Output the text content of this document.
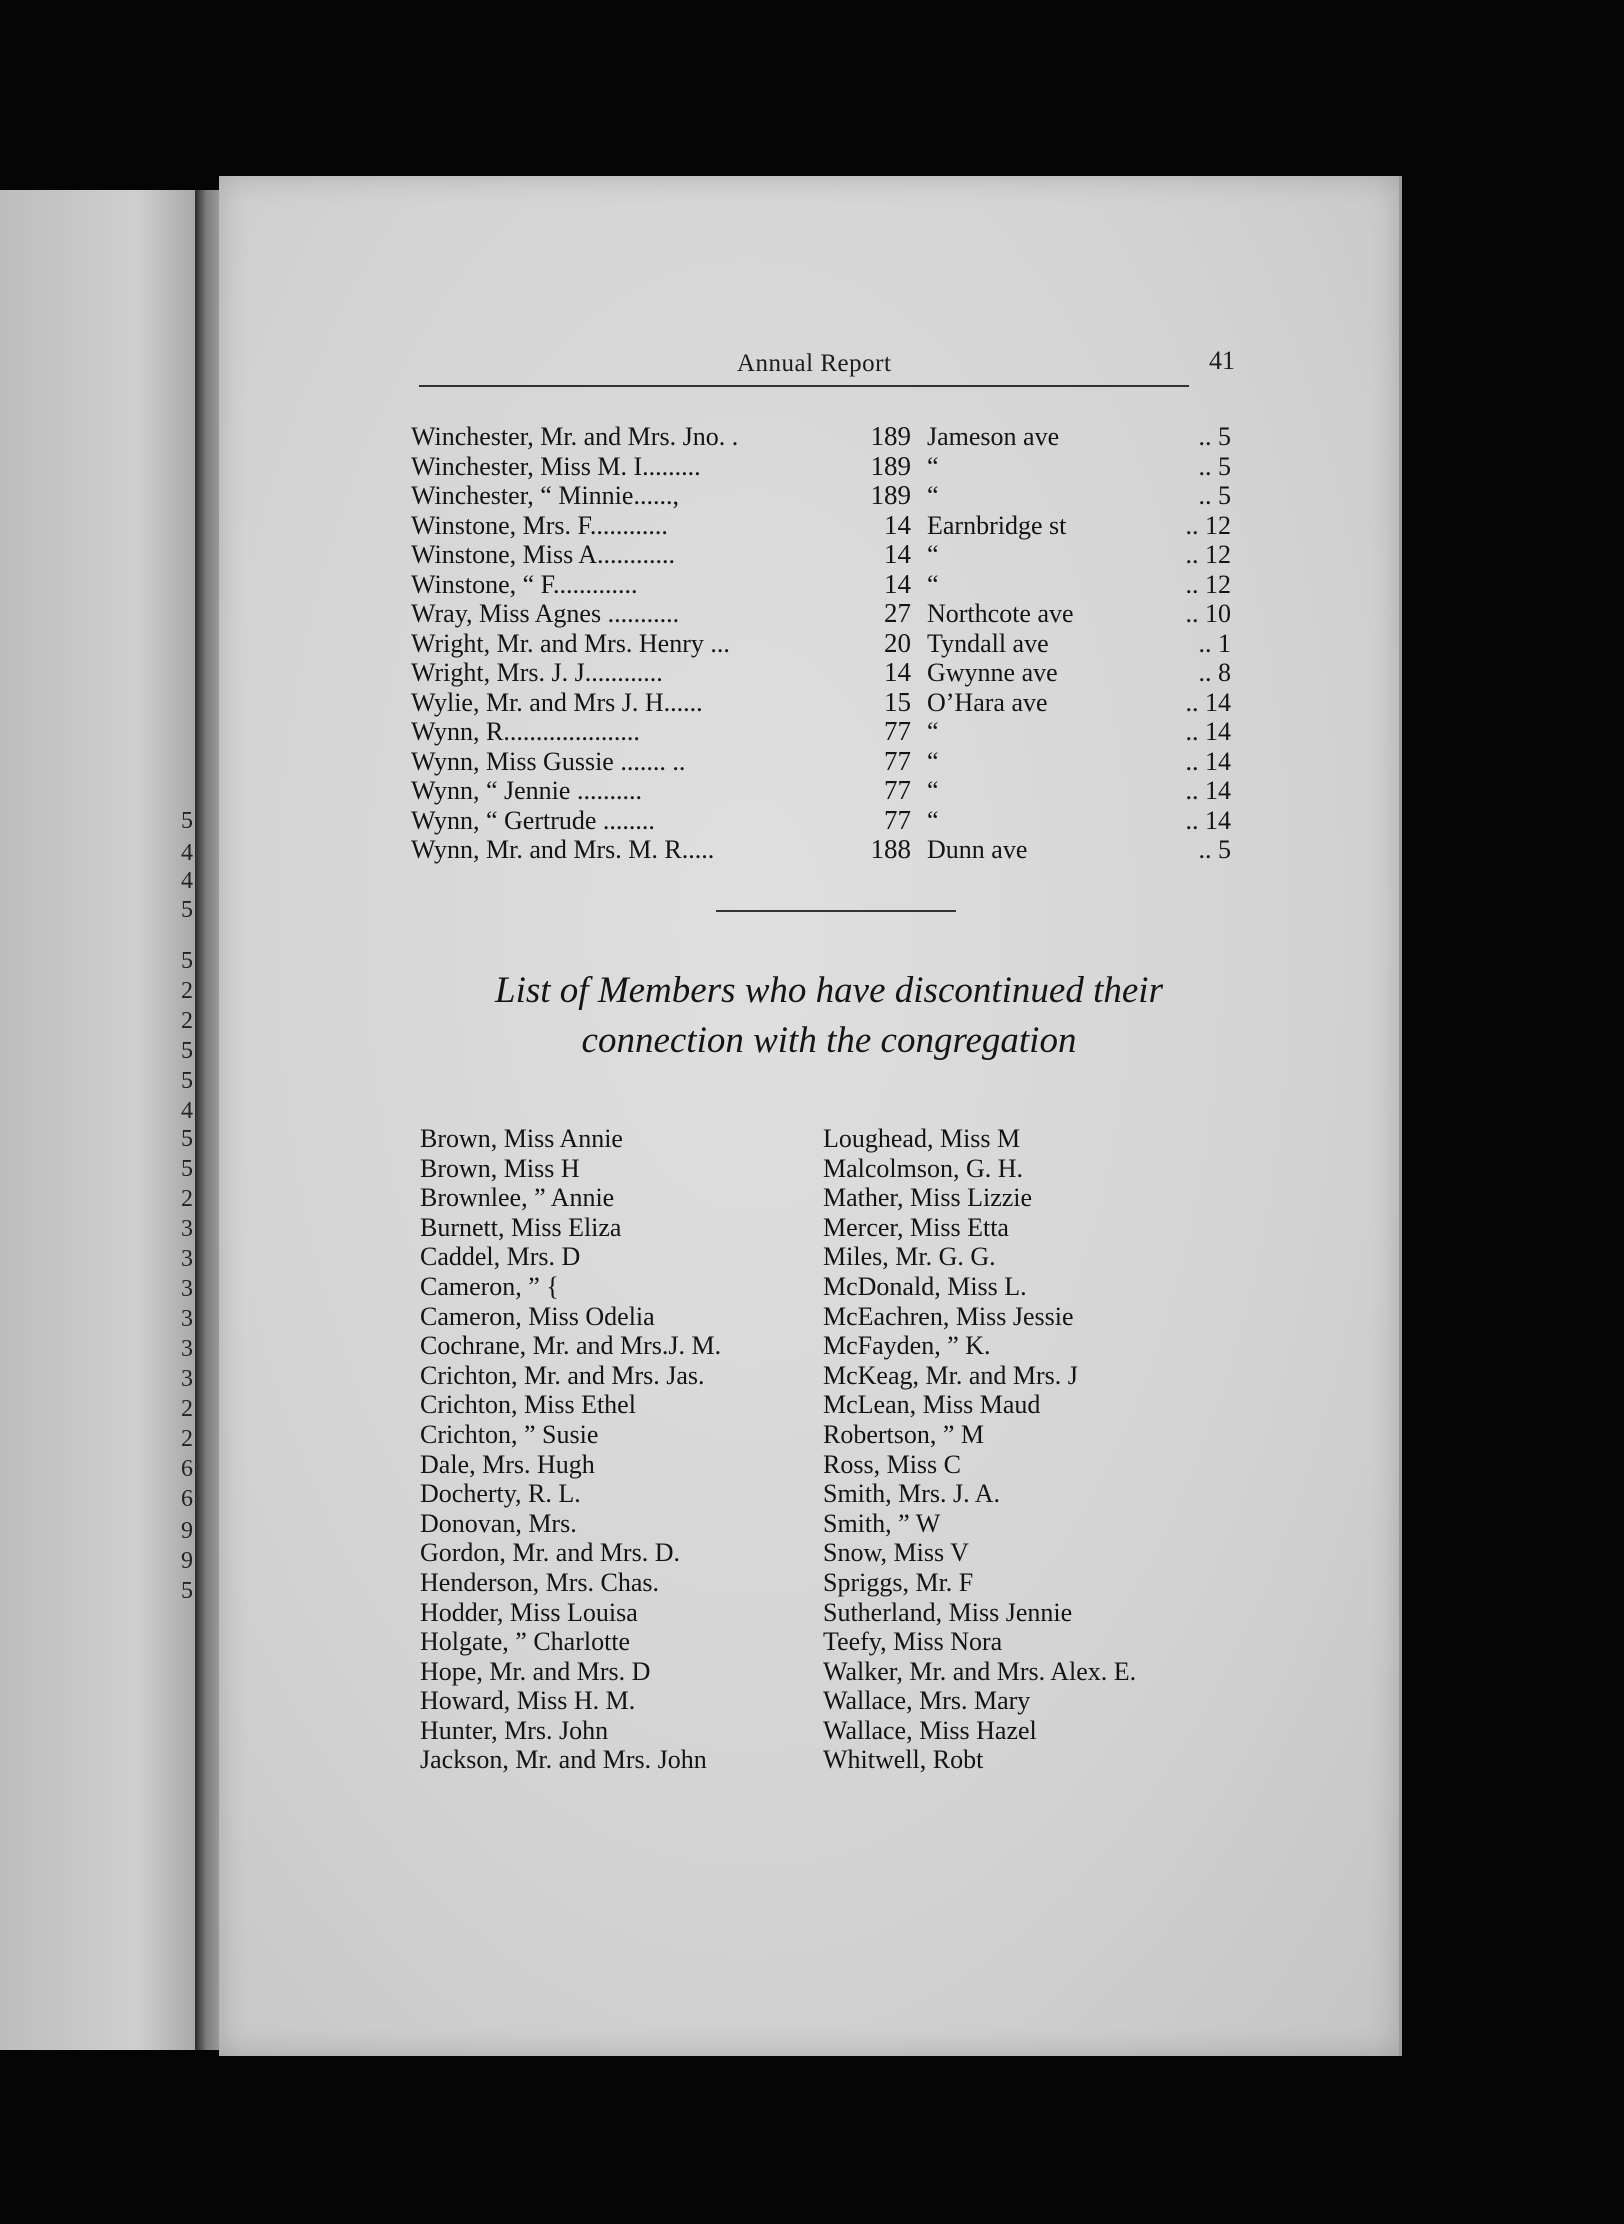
5
4
4
5
5
2
2
5
5
4
5
5
2
3
3
3
3
3
3
2
2
6
6
9
9
5
Annual Report	41
Winchester, Mr. and Mrs. Jno. .	189 Jameson ave	.. 5
Winchester, Miss M. I.........	189 “	.. 5
Winchester, “ Minnie......,	189 “	.. 5
Winstone, Mrs. F............	14 Earnbridge st	.. 12
Winstone, Miss A............	14 “	.. 12
Winstone, “ F.............	14 “	.. 12
Wray, Miss Agnes ...........	27 Northcote ave	.. 10
Wright, Mr. and Mrs. Henry ...	20 Tyndall ave	.. 1
Wright, Mrs. J. J............	14 Gwynne ave	.. 8
Wylie, Mr. and Mrs J. H......	15 O’Hara ave	.. 14
Wynn, R.....................	77 “	.. 14
Wynn, Miss Gussie ....... ..	77 “	.. 14
Wynn, “ Jennie ..........	77 “	.. 14
Wynn, “ Gertrude ........	77 “	.. 14
Wynn, Mr. and Mrs. M. R.....	188 Dunn ave	.. 5
List of Members who have discontinued their
connection with the congregation
Brown, Miss Annie
Brown, Miss H
Brownlee, ” Annie
Burnett, Miss Eliza
Caddel, Mrs. D
Cameron, ” {
Cameron, Miss Odelia
Cochrane, Mr. and Mrs.J. M.
Crichton, Mr. and Mrs. Jas.
Crichton, Miss Ethel
Crichton, ” Susie
Dale, Mrs. Hugh
Docherty, R. L.
Donovan, Mrs.
Gordon, Mr. and Mrs. D.
Henderson, Mrs. Chas.
Hodder, Miss Louisa
Holgate, ” Charlotte
Hope, Mr. and Mrs. D
Howard, Miss H. M.
Hunter, Mrs. John
Jackson, Mr. and Mrs. John
Loughead, Miss M
Malcolmson, G. H.
Mather, Miss Lizzie
Mercer, Miss Etta
Miles, Mr. G. G.
McDonald, Miss L.
McEachren, Miss Jessie
McFayden, ” K.
McKeag, Mr. and Mrs. J
McLean, Miss Maud
Robertson, ” M
Ross, Miss C
Smith, Mrs. J. A.
Smith, ” W
Snow, Miss V
Spriggs, Mr. F
Sutherland, Miss Jennie
Teefy, Miss Nora
Walker, Mr. and Mrs. Alex. E.
Wallace, Mrs. Mary
Wallace, Miss Hazel
Whitwell, Robt
